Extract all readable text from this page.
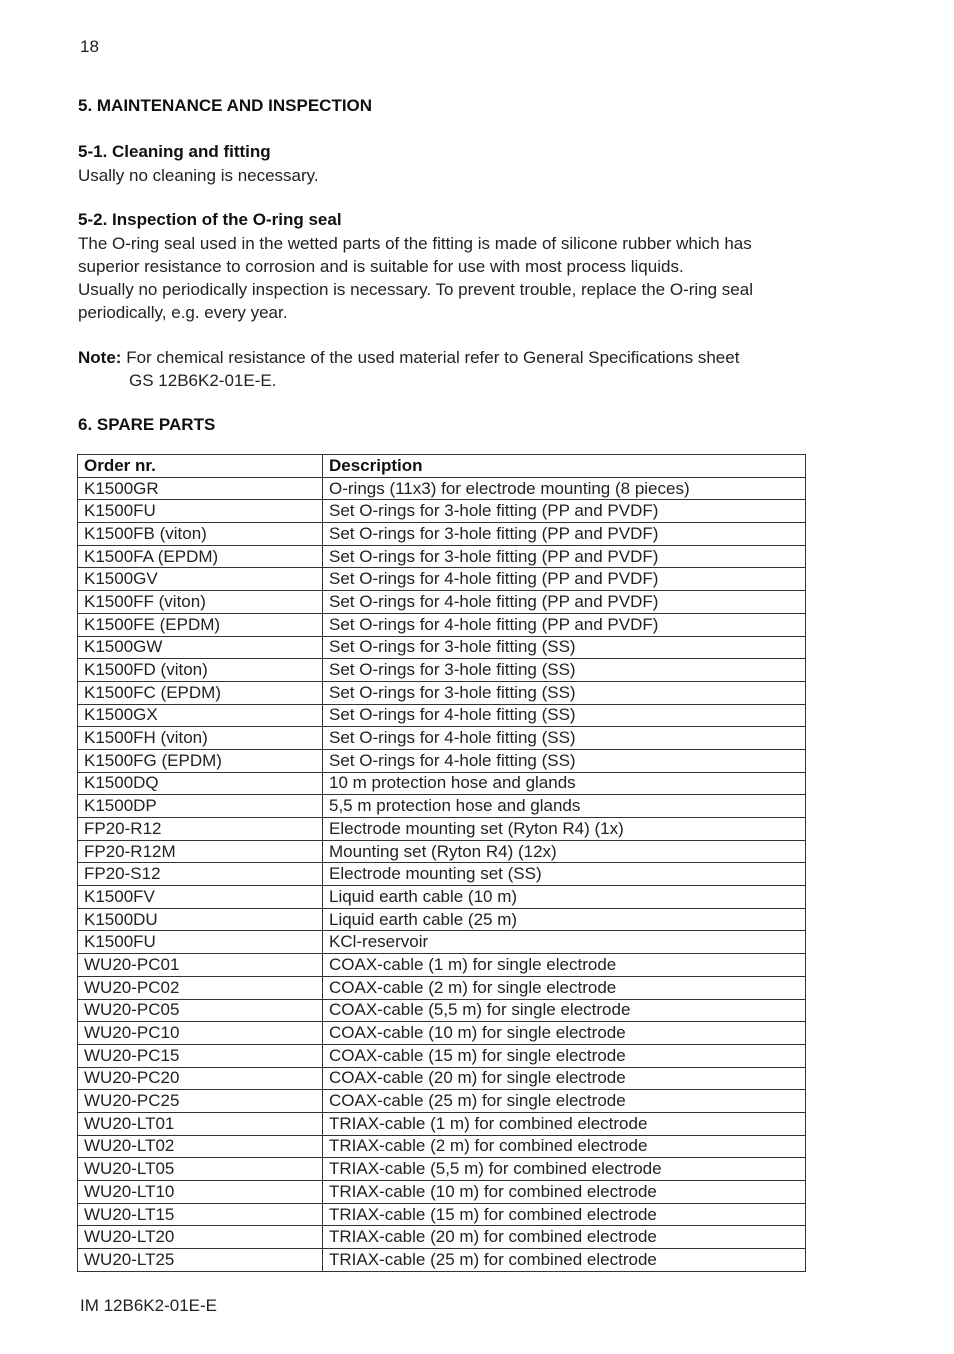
18
5. MAINTENANCE AND INSPECTION
5-1. Cleaning and fitting
Usally no cleaning is necessary.
5-2. Inspection of the O-ring seal
The O-ring seal used in the wetted parts of the fitting is made of silicone rubber which has
superior resistance to corrosion and is suitable for use with most process liquids.
Usually no periodically inspection is necessary. To prevent trouble, replace the O-ring seal
periodically, e.g. every year.
Note: For chemical resistance of the used material refer to General Specifications sheet
GS 12B6K2-01E-E.
6. SPARE PARTS
Order nr.	Description
K1500GR	O-rings (11x3) for electrode mounting (8 pieces)
K1500FU	Set O-rings for 3-hole fitting (PP and PVDF)
K1500FB (viton)	Set O-rings for 3-hole fitting (PP and PVDF)
K1500FA (EPDM)	Set O-rings for 3-hole fitting (PP and PVDF)
K1500GV	Set O-rings for 4-hole fitting (PP and PVDF)
K1500FF (viton)	Set O-rings for 4-hole fitting (PP and PVDF)
K1500FE (EPDM)	Set O-rings for 4-hole fitting (PP and PVDF)
K1500GW	Set O-rings for 3-hole fitting (SS)
K1500FD (viton)	Set O-rings for 3-hole fitting (SS)
K1500FC (EPDM)	Set O-rings for 3-hole fitting (SS)
K1500GX	Set O-rings for 4-hole fitting (SS)
K1500FH (viton)	Set O-rings for 4-hole fitting (SS)
K1500FG (EPDM)	Set O-rings for 4-hole fitting (SS)
K1500DQ	10 m protection hose and glands
K1500DP	5,5 m protection hose and glands
FP20-R12	Electrode mounting set (Ryton R4) (1x)
FP20-R12M	Mounting set (Ryton R4) (12x)
FP20-S12	Electrode mounting set (SS)
K1500FV	Liquid earth cable (10 m)
K1500DU	Liquid earth cable (25 m)
K1500FU	KCl-reservoir
WU20-PC01	COAX-cable (1 m) for single electrode
WU20-PC02	COAX-cable (2 m) for single electrode
WU20-PC05	COAX-cable (5,5 m) for single electrode
WU20-PC10	COAX-cable (10 m) for single electrode
WU20-PC15	COAX-cable (15 m) for single electrode
WU20-PC20	COAX-cable (20 m) for single electrode
WU20-PC25	COAX-cable (25 m) for single electrode
WU20-LT01	TRIAX-cable (1 m) for combined electrode
WU20-LT02	TRIAX-cable (2 m) for combined electrode
WU20-LT05	TRIAX-cable (5,5 m) for combined electrode
WU20-LT10	TRIAX-cable (10 m) for combined electrode
WU20-LT15	TRIAX-cable (15 m) for combined electrode
WU20-LT20	TRIAX-cable (20 m) for combined electrode
WU20-LT25	TRIAX-cable (25 m) for combined electrode
IM 12B6K2-01E-E
